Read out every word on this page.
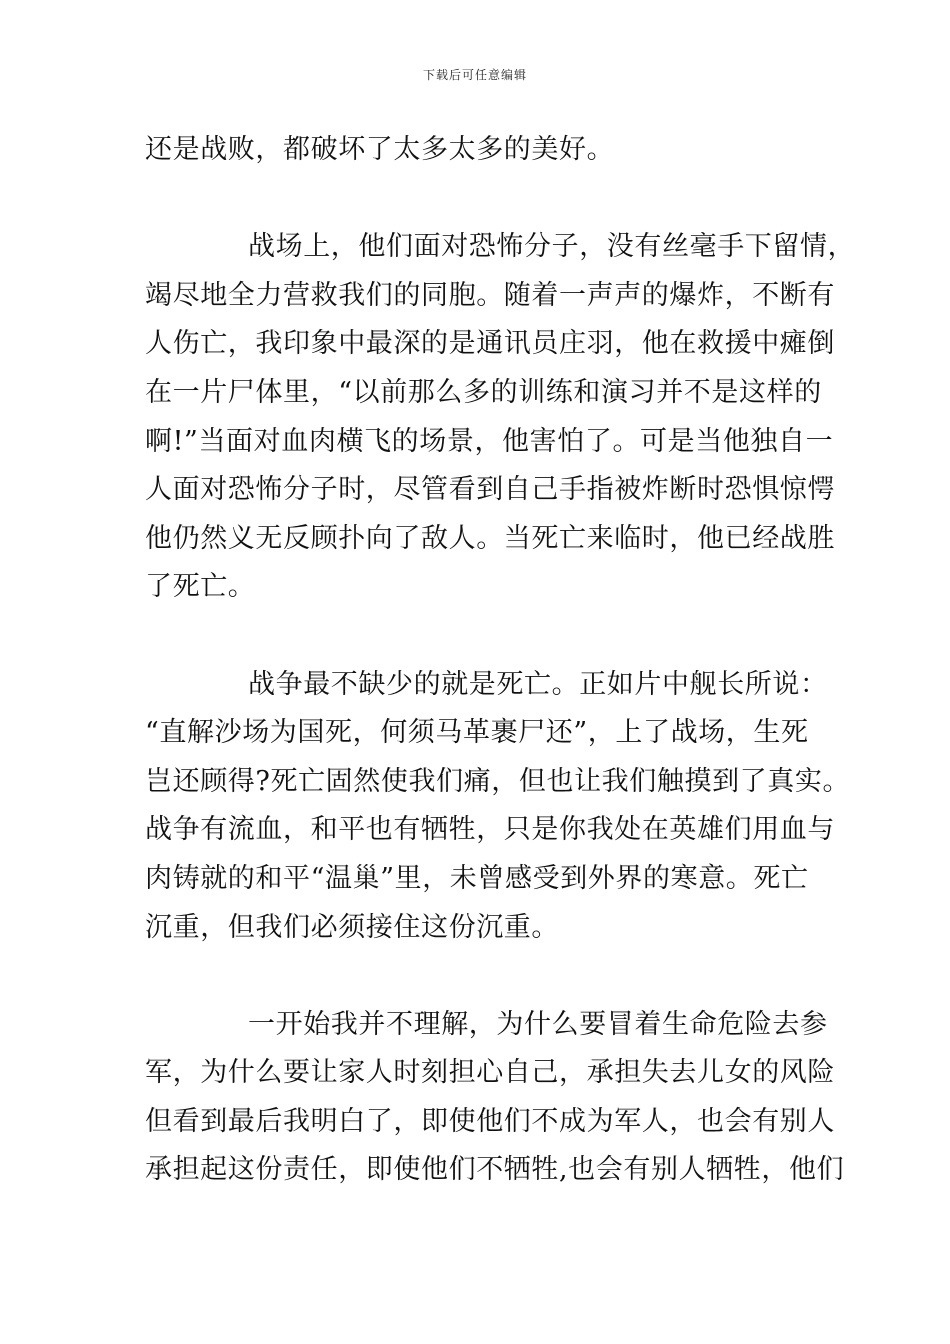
下载后可任意编辑
还是战败，都破坏了太多太多的美好。
战场上，他们面对恐怖分子，没有丝毫手下留情，
竭尽地全力营救我们的同胞。随着一声声的爆炸，不断有
人伤亡，我印象中最深的是通讯员庄羽，他在救援中瘫倒
在一片尸体里，“以前那么多的训练和演习并不是这样的
啊!”当面对血肉横飞的场景，他害怕了。可是当他独自一
人面对恐怖分子时，尽管看到自己手指被炸断时恐惧惊愕
他仍然义无反顾扑向了敌人。当死亡来临时，他已经战胜
了死亡。
战争最不缺少的就是死亡。正如片中舰长所说：
“直解沙场为国死，何须马革裹尸还”，上了战场，生死
岂还顾得?死亡固然使我们痛，但也让我们触摸到了真实。
战争有流血，和平也有牺牲，只是你我处在英雄们用血与
肉铸就的和平“温巢”里，未曾感受到外界的寒意。死亡
沉重，但我们必须接住这份沉重。
一开始我并不理解，为什么要冒着生命危险去参
军，为什么要让家人时刻担心自己，承担失去儿女的风险
但看到最后我明白了，即使他们不成为军人，也会有别人
承担起这份责任，即使他们不牺牲,也会有别人牺牲，他们
